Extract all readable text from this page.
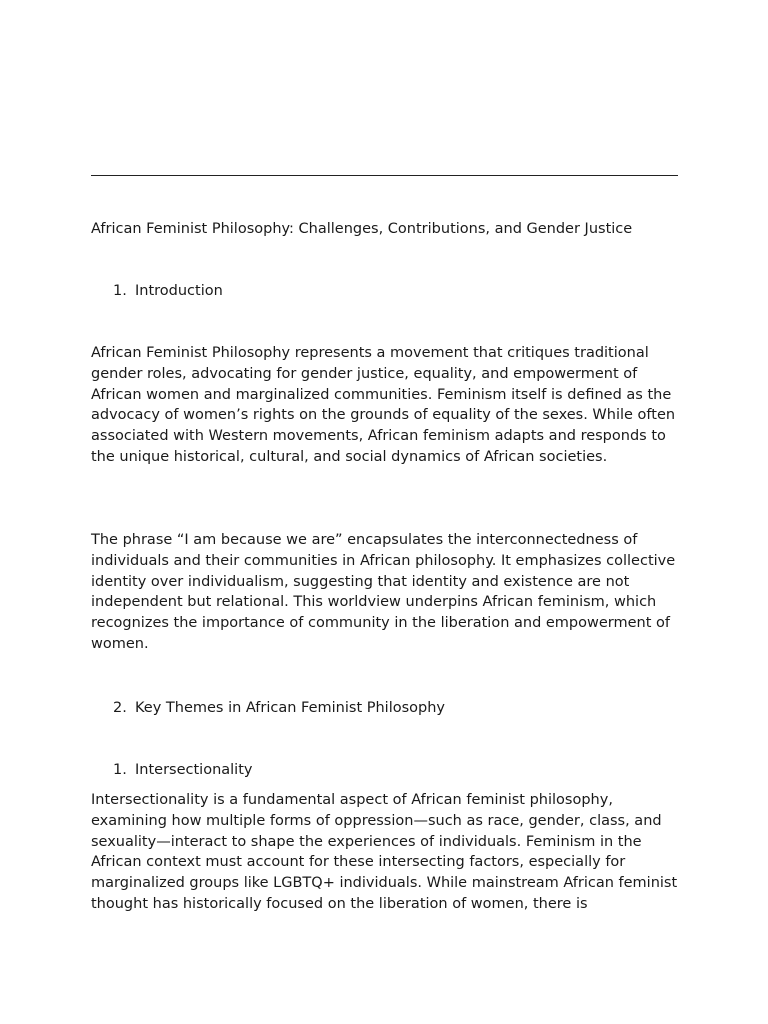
African Feminist Philosophy: Challenges, Contributions, and Gender Justice
1. Introduction

African Feminist Philosophy represents a movement that critiques traditional gender roles, advocating for gender justice, equality, and empowerment of African women and marginalized communities. Feminism itself is defined as the advocacy of women’s rights on the grounds of equality of the sexes. While often associated with Western movements, African feminism adapts and responds to the unique historical, cultural, and social dynamics of African societies.

The phrase “I am because we are” encapsulates the interconnectedness of individuals and their communities in African philosophy. It emphasizes collective identity over individualism, suggesting that identity and existence are not independent but relational. This worldview underpins African feminism, which recognizes the importance of community in the liberation and empowerment of women.

2. Key Themes in African Feminist Philosophy
1. Intersectionality

Intersectionality is a fundamental aspect of African feminist philosophy, examining how multiple forms of oppression—such as race, gender, class, and sexuality—interact to shape the experiences of individuals. Feminism in the African context must account for these intersecting factors, especially for marginalized groups like LGBTQ+ individuals. While mainstream African feminist thought has historically focused on the liberation of women, there is
